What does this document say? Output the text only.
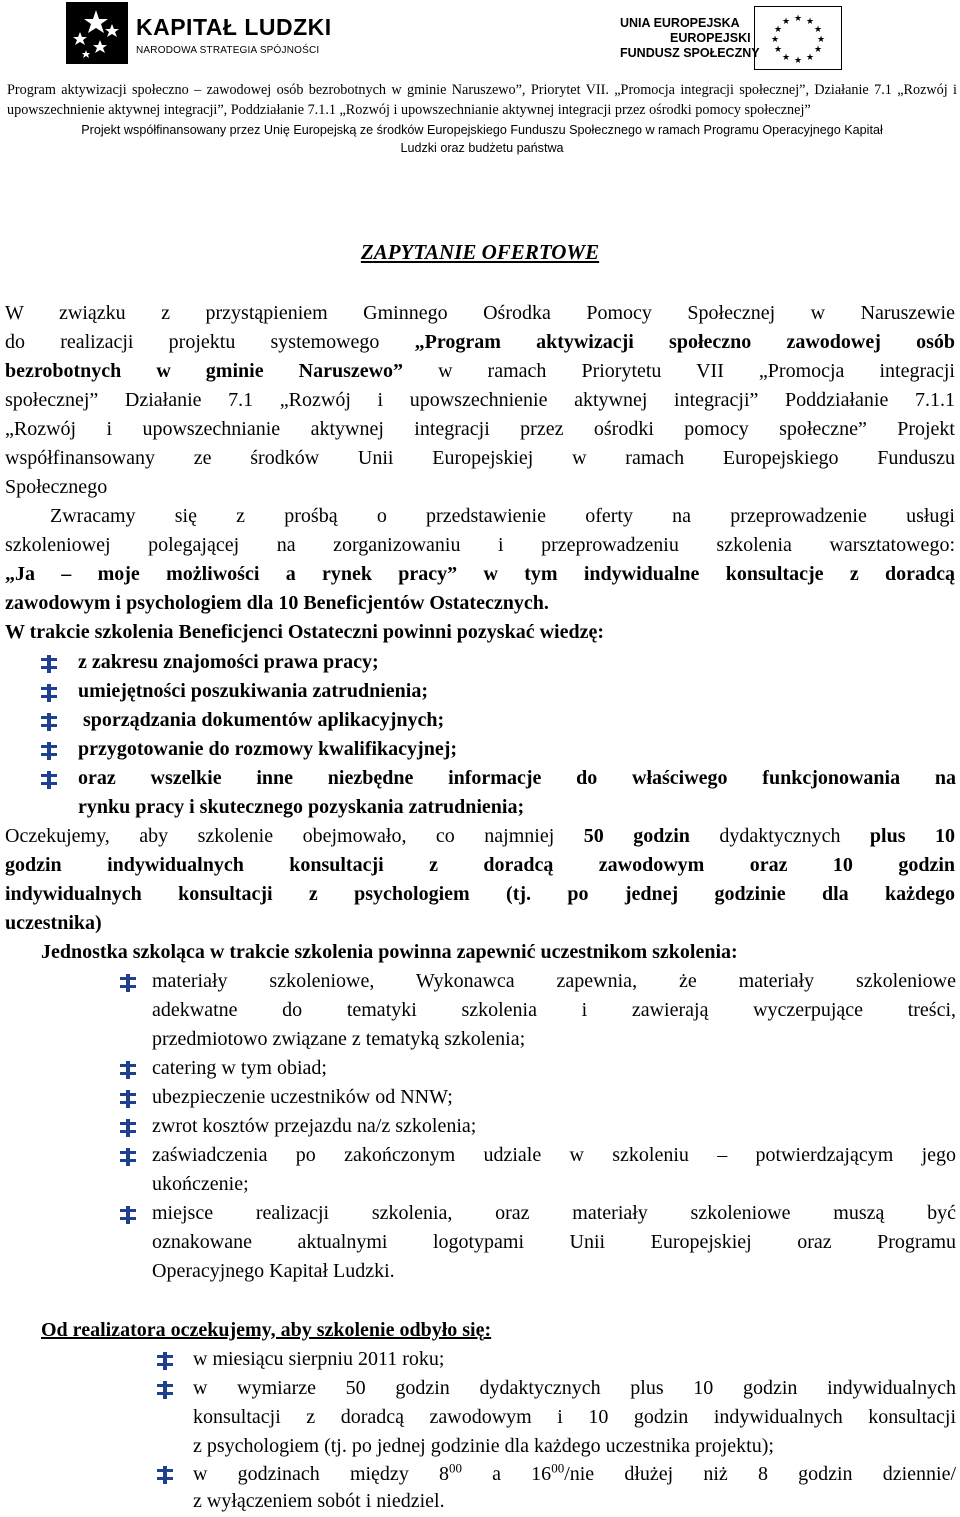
KAPITAŁ LUDZKI
NARODOWA STRATEGIA SPÓJNOŚCI
UNIA EUROPEJSKA
EUROPEJSKI
FUNDUSZ SPOŁECZNY
★ ★
★
★
★
★
★
★
★
★
★
★
Program aktywizacji społeczno – zawodowej osób bezrobotnych w gminie Naruszewo”, Priorytet VII. „Promocja integracji społecznej”, Działanie 7.1 „Rozwój i upowszechnienie aktywnej integracji”, Poddziałanie 7.1.1 „Rozwój i upowszechnianie aktywnej integracji przez ośrodki pomocy społecznej”
Projekt współfinansowany przez Unię Europejską ze środków Europejskiego Funduszu Społecznego w ramach Programu Operacyjnego Kapitał
Ludzki oraz budżetu państwa
ZAPYTANIE OFERTOWE
W związku z przystąpieniem Gminnego Ośrodka Pomocy Społecznej w Naruszewie
do realizacji projektu systemowego „Program aktywizacji społeczno zawodowej osób
bezrobotnych w gminie Naruszewo” w ramach Priorytetu VII „Promocja integracji
społecznej” Działanie 7.1 „Rozwój i upowszechnienie aktywnej integracji” Poddziałanie 7.1.1
„Rozwój i upowszechnianie aktywnej integracji przez ośrodki pomocy społeczne” Projekt
współfinansowany ze środków Unii Europejskiej w ramach Europejskiego Funduszu
Społecznego
Zwracamy się z prośbą o przedstawienie oferty na przeprowadzenie usługi
szkoleniowej polegającej na zorganizowaniu i przeprowadzeniu szkolenia warsztatowego:
„Ja – moje możliwości a rynek pracy” w tym indywidualne konsultacje z doradcą
zawodowym i psychologiem dla 10 Beneficjentów Ostatecznych.
W trakcie szkolenia Beneficjenci Ostateczni powinni pozyskać wiedzę:
z zakresu znajomości prawa pracy;
umiejętności poszukiwania zatrudnienia;
sporządzania dokumentów aplikacyjnych;
przygotowanie do rozmowy kwalifikacyjnej;
oraz wszelkie inne niezbędne informacje do właściwego funkcjonowania na
rynku pracy i skutecznego pozyskania zatrudnienia;
Oczekujemy, aby szkolenie obejmowało, co najmniej 50 godzin dydaktycznych plus 10
godzin indywidualnych konsultacji z doradcą zawodowym oraz 10 godzin
indywidualnych konsultacji z psychologiem (tj. po jednej godzinie dla każdego
uczestnika)
Jednostka szkoląca w trakcie szkolenia powinna zapewnić uczestnikom szkolenia:
materiały szkoleniowe, Wykonawca zapewnia, że materiały szkoleniowe
adekwatne do tematyki szkolenia i zawierają wyczerpujące treści,
przedmiotowo związane z tematyką szkolenia;
catering w tym obiad;
ubezpieczenie uczestników od NNW;
zwrot kosztów przejazdu na/z szkolenia;
zaświadczenia po zakończonym udziale w szkoleniu – potwierdzającym jego
ukończenie;
miejsce realizacji szkolenia, oraz materiały szkoleniowe muszą być
oznakowane aktualnymi logotypami Unii Europejskiej oraz Programu
Operacyjnego Kapitał Ludzki.
Od realizatora oczekujemy, aby szkolenie odbyło się:
w miesiącu sierpniu 2011 roku;
w wymiarze 50 godzin dydaktycznych plus 10 godzin indywidualnych
konsultacji z doradcą zawodowym i 10 godzin indywidualnych konsultacji
z psychologiem (tj. po jednej godzinie dla każdego uczestnika projektu);
w godzinach między $8^{00}$ a $16^{00}$/nie dłużej niż 8 godzin dziennie/
z wyłączeniem sobót i niedziel.
